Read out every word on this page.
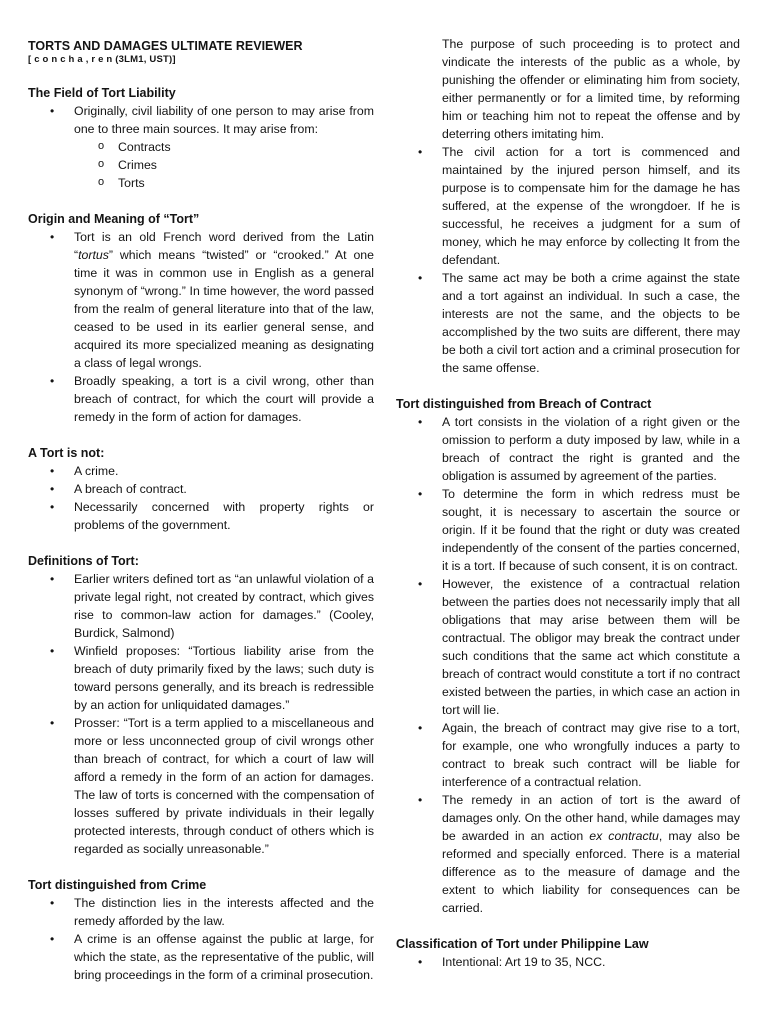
TORTS AND DAMAGES ULTIMATE REVIEWER

[ c o n c h a , r e n (3LM1, UST)]

The Field of Tort Liability

• Originally, civil liability of one person to may arise from one to three main sources. It may arise from:
o Contracts
o Crimes
o Torts

Origin and Meaning of “Tort”

• Tort is an old French word derived from the Latin “tortus” which means “twisted” or “crooked.” At one time it was in common use in English as a general synonym of “wrong.” In time however, the word passed from the realm of general literature into that of the law, ceased to be used in its earlier general sense, and acquired its more specialized meaning as designating a class of legal wrongs.
• Broadly speaking, a tort is a civil wrong, other than breach of contract, for which the court will provide a remedy in the form of action for damages.

A Tort is not:

• A crime.
• A breach of contract.
• Necessarily concerned with property rights or problems of the government.

Definitions of Tort:

• Earlier writers defined tort as “an unlawful violation of a private legal right, not created by contract, which gives rise to common-law action for damages.” (Cooley, Burdick, Salmond)
• Winfield proposes: “Tortious liability arise from the breach of duty primarily fixed by the laws; such duty is toward persons generally, and its breach is redressible by an action for unliquidated damages.”
• Prosser: “Tort is a term applied to a miscellaneous and more or less unconnected group of civil wrongs other than breach of contract, for which a court of law will afford a remedy in the form of an action for damages. The law of torts is concerned with the compensation of losses suffered by private individuals in their legally protected interests, through conduct of others which is regarded as socially unreasonable.”

Tort distinguished from Crime

• The distinction lies in the interests affected and the remedy afforded by the law.
• A crime is an offense against the public at large, for which the state, as the representative of the public, will bring proceedings in the form of a criminal prosecution.

The purpose of such proceeding is to protect and vindicate the interests of the public as a whole, by punishing the offender or eliminating him from society, either permanently or for a limited time, by reforming him or teaching him not to repeat the offense and by deterring others imitating him.

• The civil action for a tort is commenced and maintained by the injured person himself, and its purpose is to compensate him for the damage he has suffered, at the expense of the wrongdoer. If he is successful, he receives a judgment for a sum of money, which he may enforce by collecting It from the defendant.
• The same act may be both a crime against the state and a tort against an individual. In such a case, the interests are not the same, and the objects to be accomplished by the two suits are different, there may be both a civil tort action and a criminal prosecution for the same offense.

Tort distinguished from Breach of Contract

• A tort consists in the violation of a right given or the omission to perform a duty imposed by law, while in a breach of contract the right is granted and the obligation is assumed by agreement of the parties.
• To determine the form in which redress must be sought, it is necessary to ascertain the source or origin. If it be found that the right or duty was created independently of the consent of the parties concerned, it is a tort. If because of such consent, it is on contract.
• However, the existence of a contractual relation between the parties does not necessarily imply that all obligations that may arise between them will be contractual. The obligor may break the contract under such conditions that the same act which constitute a breach of contract would constitute a tort if no contract existed between the parties, in which case an action in tort will lie.
• Again, the breach of contract may give rise to a tort, for example, one who wrongfully induces a party to contract to break such contract will be liable for interference of a contractual relation.
• The remedy in an action of tort is the award of damages only. On the other hand, while damages may be awarded in an action ex contractu, may also be reformed and specially enforced. There is a material difference as to the measure of damage and the extent to which liability for consequences can be carried.

Classification of Tort under Philippine Law

• Intentional: Art 19 to 35, NCC.
